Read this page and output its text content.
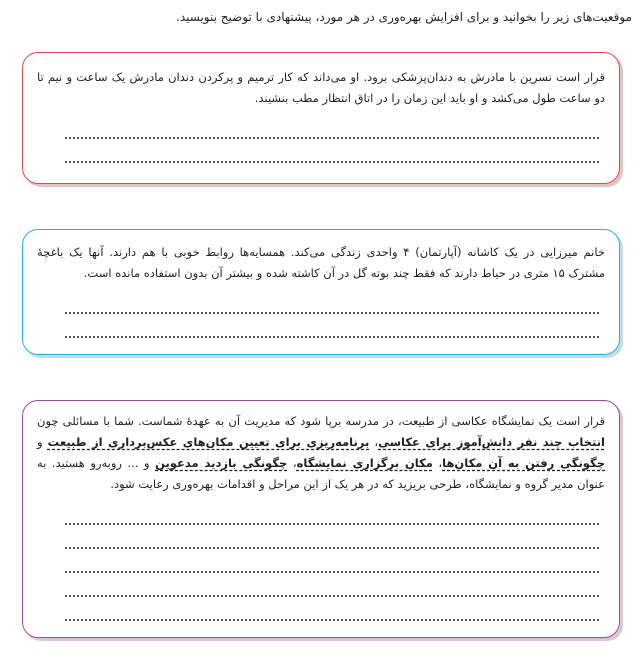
موقعیت‌های زیر را بخوانید و برای افزایش بهره‌وری در هر مورد، پیشنهادی با توضیح بنویسید.
قرار است نسرین با مادرش به دندان‌پزشکی برود. او می‌داند که کار ترمیم و پرکردن دندان مادرش یک ساعت و نیم تا دو ساعت طول می‌کشد و او باید این زمان را در اتاق انتظار مطب بنشیند.
خانم میرزایی در یک کاشانه (آپارتمان) ۴ واحدی زندگی می‌کند. همسایه‌ها روابط خوبی با هم دارند. آنها یک باغچهٔ مشترک ۱۵ متری در حیاط دارند که فقط چند بوته گل در آن کاشته شده و بیشتر آن بدون استفاده مانده است.
قرار است یک نمایشگاه عکاسی از طبیعت، در مدرسه برپا شود که مدیریت آن به عهدهٔ شماست. شما با مسائلی چون انتخاب چند نفر دانش‌آموز برای عکاسی، برنامه‌ریزی برای تعیین مکان‌های عکس‌برداری از طبیعت و چگونگی رفتن به آن مکان‌ها، مکان برگزاری نمایشگاه، چگونگی بازدید مدعوین و ... روبه‌رو هستید. به عنوان مدیر گروه و نمایشگاه، طرحی بریزید که در هر یک از این مراحل و اقدامات بهره‌وری رعایت شود.
